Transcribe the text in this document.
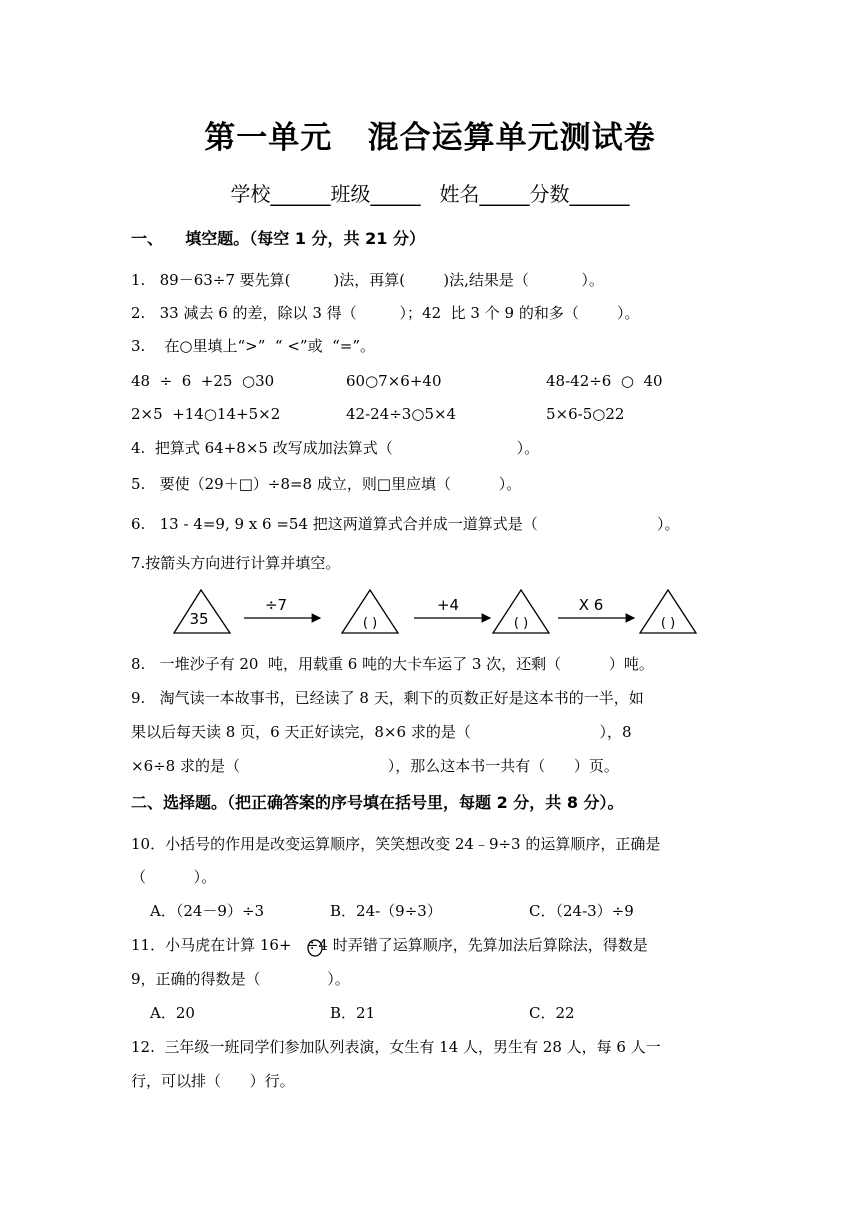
第一单元   混合运算单元测试卷
学校______班级_____   姓名_____分数______
一、    填空题。（每空 1 分，共 21 分）
1.   89－63÷7 要先算(         )法，再算(        )法,结果是（           ）。
2.   33 减去 6 的差，除以 3 得（         ）；42  比 3 个 9 的和多（        ）。
3.    在○里填上“>”  “ <”或  “=”。
48  ÷  6  +25  ○30	60○7×6+40	48-42÷6  ○  40
2×5  +14○14+5×2	42-24÷3○5×4	5×6-5○22
4.  把算式 64+8×5 改写成加法算式（                          ）。
5.   要使（29＋□）÷8=8 成立，则□里应填（          ）。
6.   13 - 4=9, 9 x 6 =54 把这两道算式合并成一道算式是（                         ）。
7.按箭头方向进行计算并填空。
35
÷7
( )
+4
( )
X 6
( )
8.   一堆沙子有 20  吨，用载重 6 吨的大卡车运了 3 次，还剩（          ）吨。
9.   淘气读一本故事书，已经读了 8 天，剩下的页数正好是这本书的一半，如
果以后每天读 8 页，6 天正好读完，8×6 求的是（                           ），8
×6÷8 求的是（                               ），那么这本书一共有（      ）页。
二、选择题。（把正确答案的序号填在括号里，每题 2 分，共 8 分）。
10．小括号的作用是改变运算顺序，笑笑想改变 24﹣9÷3 的运算顺序，正确是
（          ）。
A．（24－9）÷3	B．24-（9÷3）	C．（24-3）÷9
11．小马虎在计算 16+   ÷4 时弄错了运算顺序，先算加法后算除法，得数是
9，正确的得数是（              ）。
A．20	B．21	C．22
12.  三年级一班同学们参加队列表演，女生有 14 人，男生有 28 人，每 6 人一
行，可以排（      ）行。
